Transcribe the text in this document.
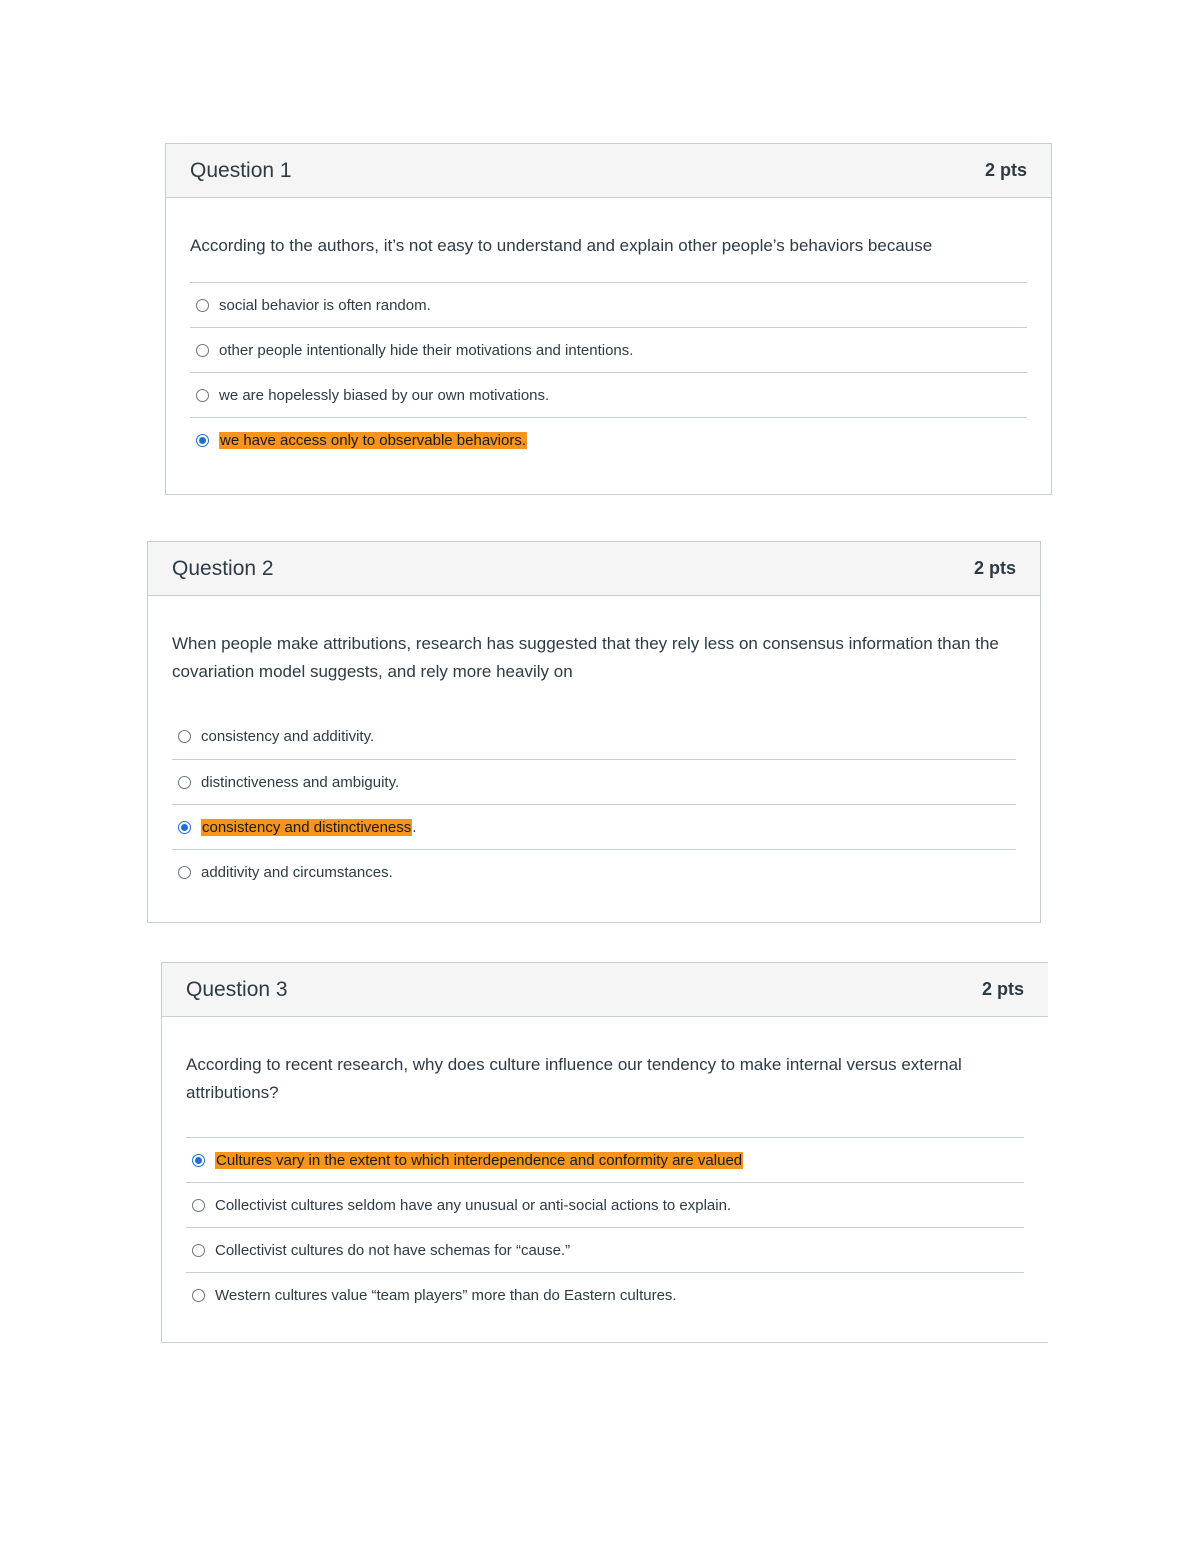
Question 1	2 pts

According to the authors, it’s not easy to understand and explain other people’s behaviors because

social behavior is often random.
other people intentionally hide their motivations and intentions.
we are hopelessly biased by our own motivations.
we have access only to observable behaviors.
Question 2	2 pts

When people make attributions, research has suggested that they rely less on consensus information than the covariation model suggests, and rely more heavily on

consistency and additivity.
distinctiveness and ambiguity.
consistency and distinctiveness.
additivity and circumstances.
Question 3	2 pts

According to recent research, why does culture influence our tendency to make internal versus external attributions?

Cultures vary in the extent to which interdependence and conformity are valued
Collectivist cultures seldom have any unusual or anti-social actions to explain.
Collectivist cultures do not have schemas for “cause.”
Western cultures value “team players” more than do Eastern cultures.
